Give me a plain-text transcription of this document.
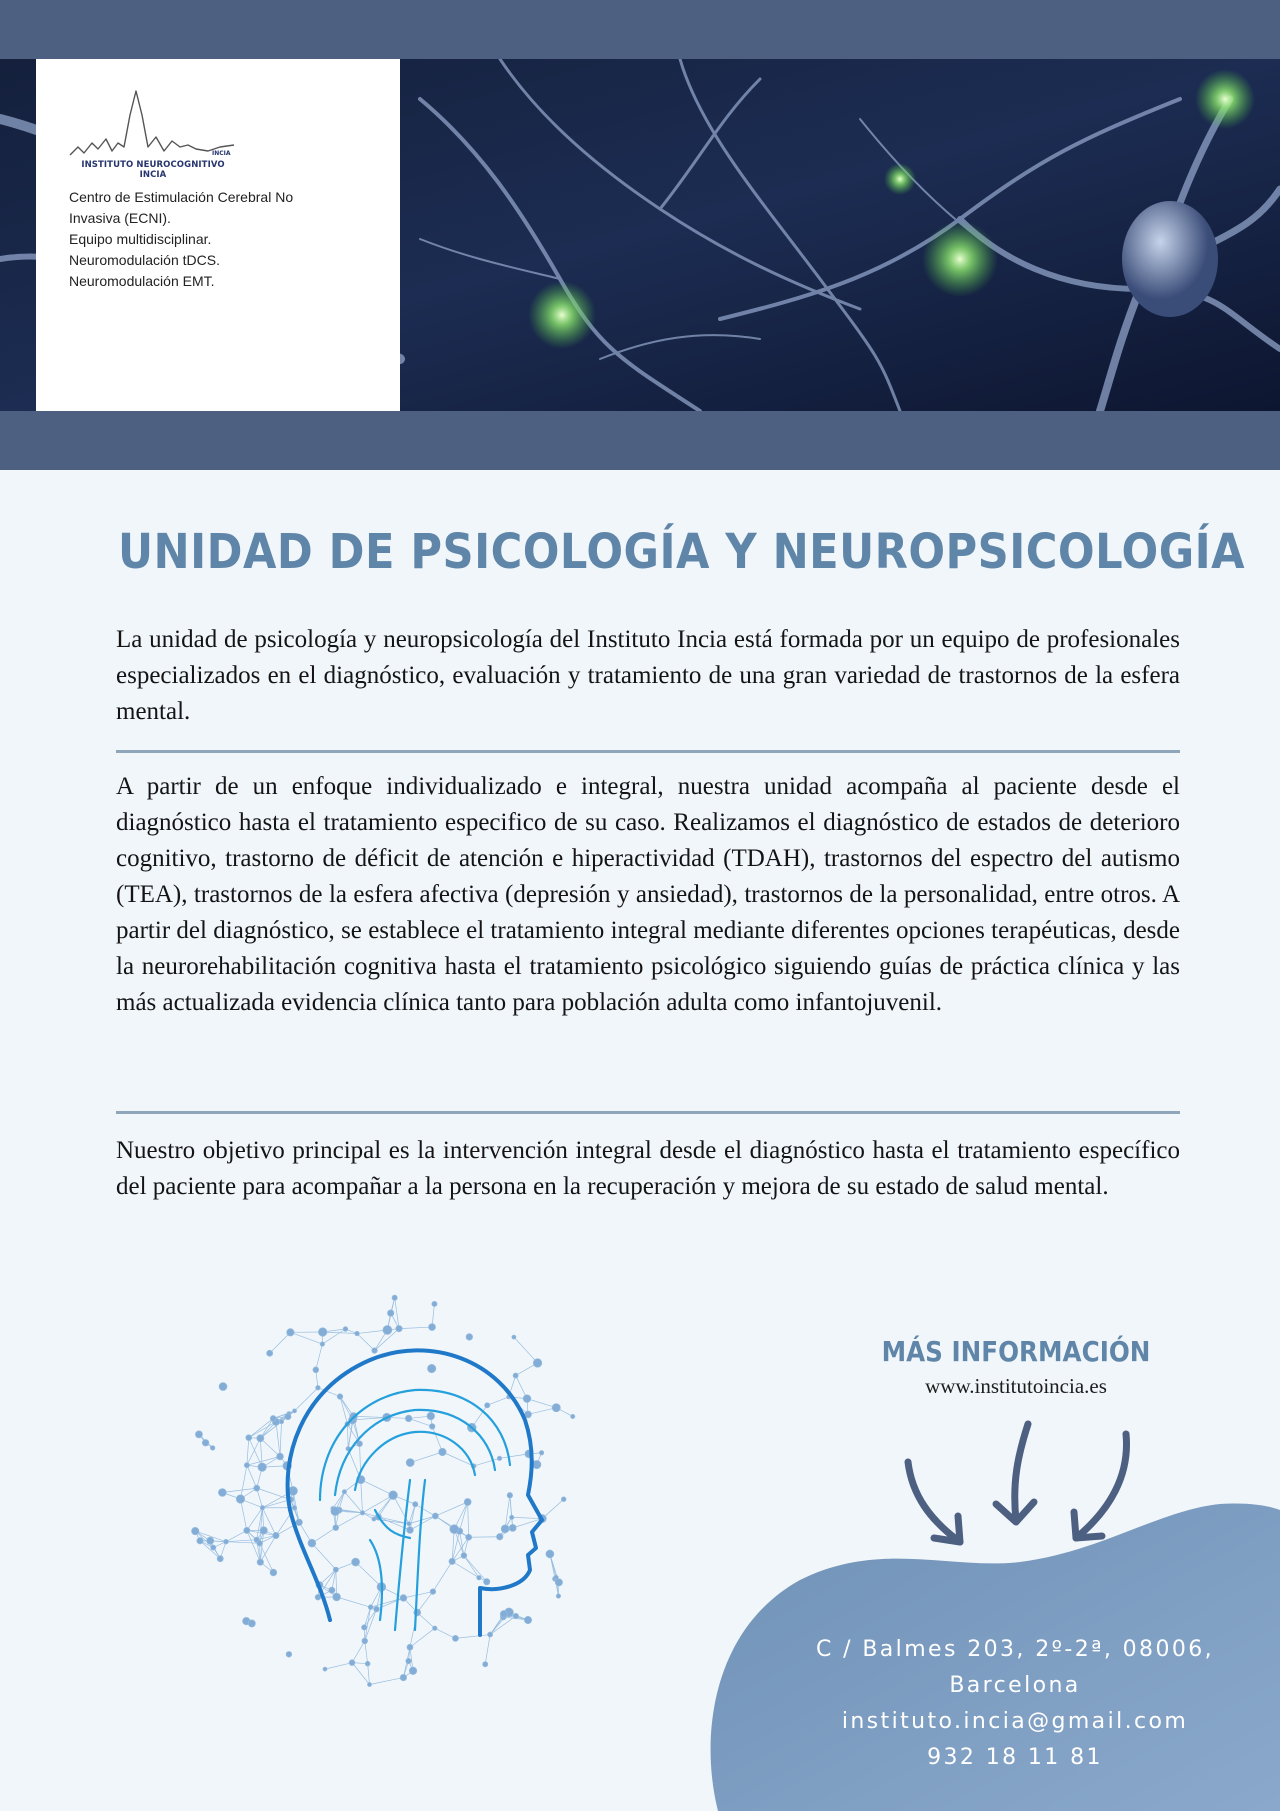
INCIA
INSTITUTO NEUROCOGNITIVO INCIA
Centro de Estimulación Cerebral No
Invasiva (ECNI).
Equipo multidisciplinar.
Neuromodulación tDCS.
Neuromodulación EMT.
UNIDAD DE PSICOLOGÍA Y NEUROPSICOLOGÍA

La unidad de psicología y neuropsicología del Instituto Incia está formada por un equipo de profesionales especializados en el diagnóstico, evaluación y tratamiento de una gran variedad de trastornos de la esfera mental.

A partir de un enfoque individualizado e integral, nuestra unidad acompaña al paciente desde el diagnóstico hasta el tratamiento especifico de su caso. Realizamos el diagnóstico de estados de deterioro cognitivo, trastorno de déficit de atención e hiperactividad (TDAH), trastornos del espectro del autismo (TEA), trastornos de la esfera afectiva (depresión y ansiedad), trastornos de la personalidad, entre otros. A partir del diagnóstico, se establece el tratamiento integral mediante diferentes opciones terapéuticas, desde la neurorehabilitación cognitiva hasta el tratamiento psicológico siguiendo guías de práctica clínica y las más actualizada evidencia clínica tanto para población adulta como infantojuvenil.

Nuestro objetivo principal es la intervención integral desde el diagnóstico hasta el tratamiento específico del paciente para acompañar a la persona en la recuperación y mejora de su estado de salud mental.

MÁS INFORMACIÓN
www.institutoincia.es
C / Balmes 203, 2º-2ª, 08006,
Barcelona
instituto.incia@gmail.com
932 18 11 81
